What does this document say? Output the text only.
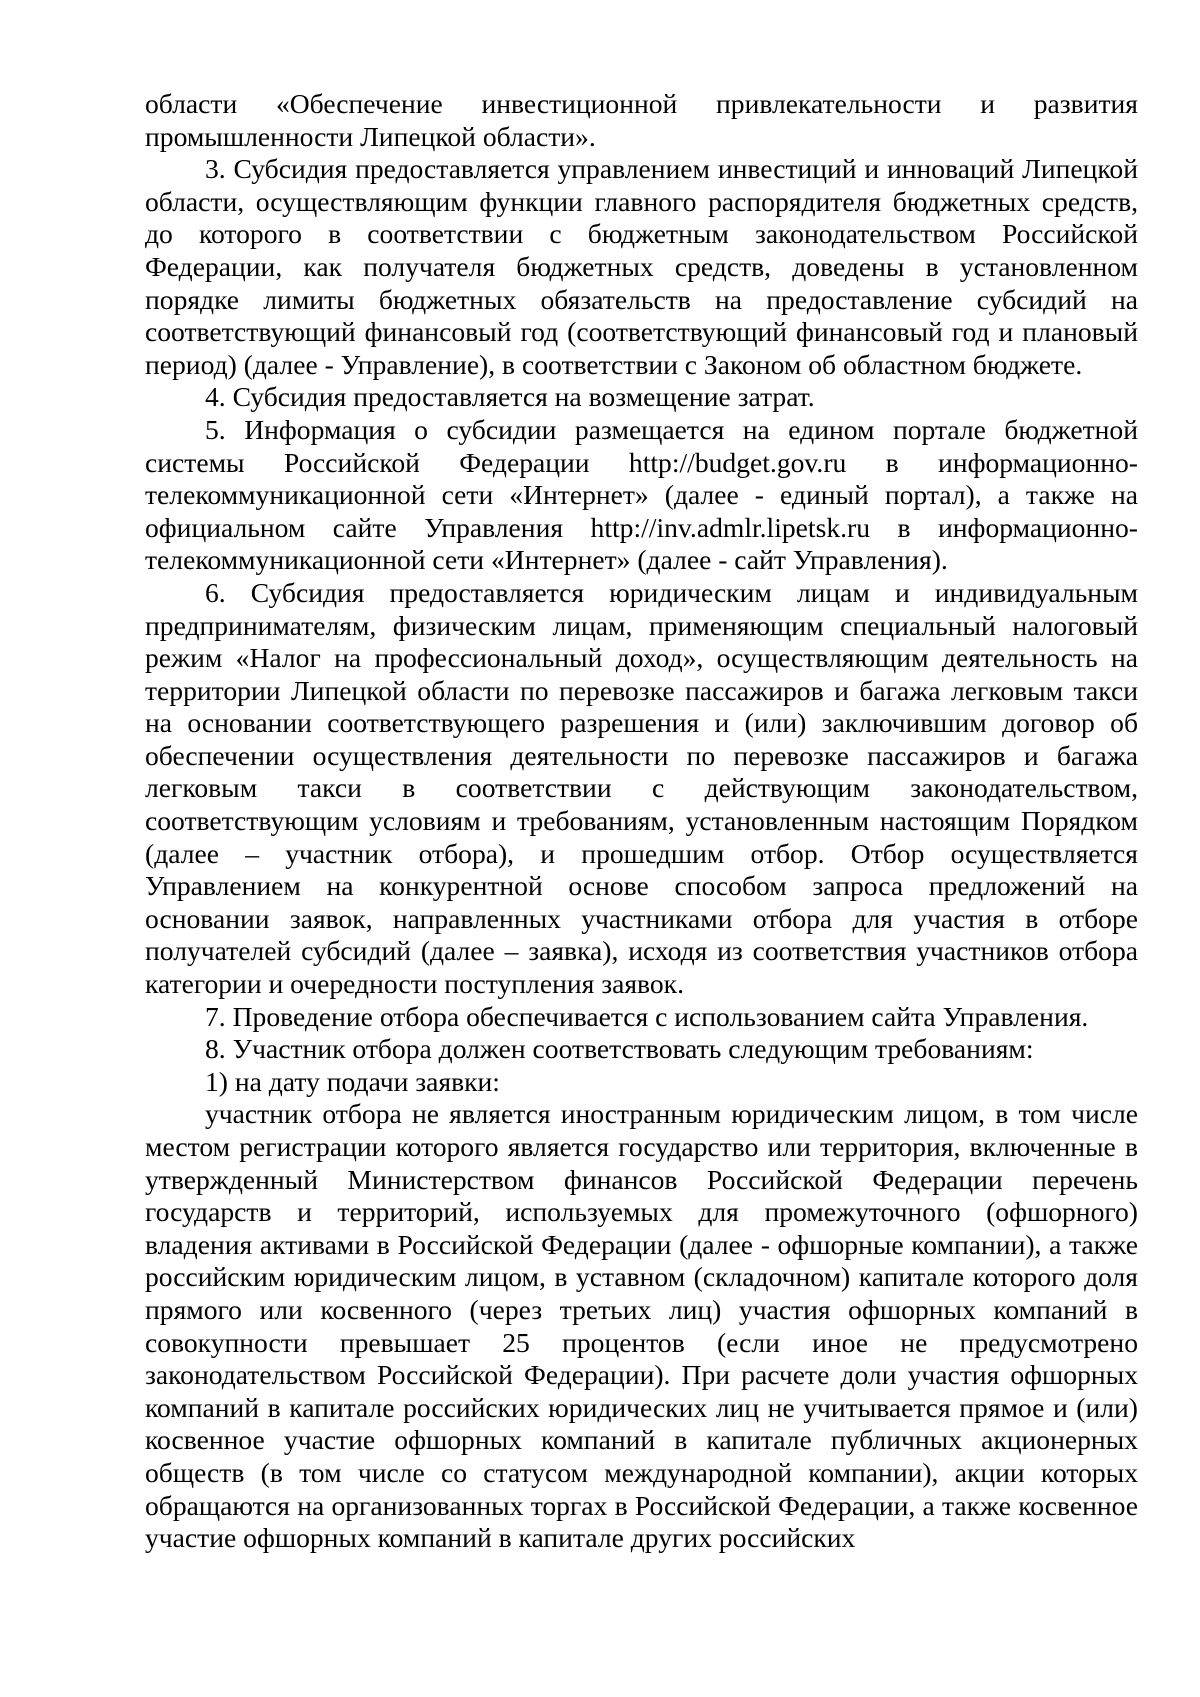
области «Обеспечение инвестиционной привлекательности и развития промышленности Липецкой области».

3. Субсидия предоставляется управлением инвестиций и инноваций Липецкой области, осуществляющим функции главного распорядителя бюджетных средств, до которого в соответствии с бюджетным законодательством Российской Федерации, как получателя бюджетных средств, доведены в установленном порядке лимиты бюджетных обязательств на предоставление субсидий на соответствующий финансовый год (соответствующий финансовый год и плановый период) (далее - Управление), в соответствии с Законом об областном бюджете.

4. Субсидия предоставляется на возмещение затрат.

5. Информация о субсидии размещается на едином портале бюджетной системы Российской Федерации http://budget.gov.ru в информационно-телекоммуникационной сети «Интернет» (далее - единый портал), а также на официальном сайте Управления http://inv.admlr.lipetsk.ru в информационно-телекоммуникационной сети «Интернет» (далее - сайт Управления).

6. Субсидия предоставляется юридическим лицам и индивидуальным предпринимателям, физическим лицам, применяющим специальный налоговый режим «Налог на профессиональный доход», осуществляющим деятельность на территории Липецкой области по перевозке пассажиров и багажа легковым такси на основании соответствующего разрешения и (или) заключившим договор об обеспечении осуществления деятельности по перевозке пассажиров и багажа легковым такси в соответствии с действующим законодательством, соответствующим условиям и требованиям, установленным настоящим Порядком (далее – участник отбора), и прошедшим отбор. Отбор осуществляется Управлением на конкурентной основе способом запроса предложений на основании заявок, направленных участниками отбора для участия в отборе получателей субсидий (далее – заявка), исходя из соответствия участников отбора категории и очередности поступления заявок.

7. Проведение отбора обеспечивается с использованием сайта Управления.

8. Участник отбора должен соответствовать следующим требованиям:

1) на дату подачи заявки:

участник отбора не является иностранным юридическим лицом, в том числе местом регистрации которого является государство или территория, включенные в утвержденный Министерством финансов Российской Федерации перечень государств и территорий, используемых для промежуточного (офшорного) владения активами в Российской Федерации (далее - офшорные компании), а также российским юридическим лицом, в уставном (складочном) капитале которого доля прямого или косвенного (через третьих лиц) участия офшорных компаний в совокупности превышает 25 процентов (если иное не предусмотрено законодательством Российской Федерации). При расчете доли участия офшорных компаний в капитале российских юридических лиц не учитывается прямое и (или) косвенное участие офшорных компаний в капитале публичных акционерных обществ (в том числе со статусом международной компании), акции которых обращаются на организованных торгах в Российской Федерации, а также косвенное участие офшорных компаний в капитале других российских
